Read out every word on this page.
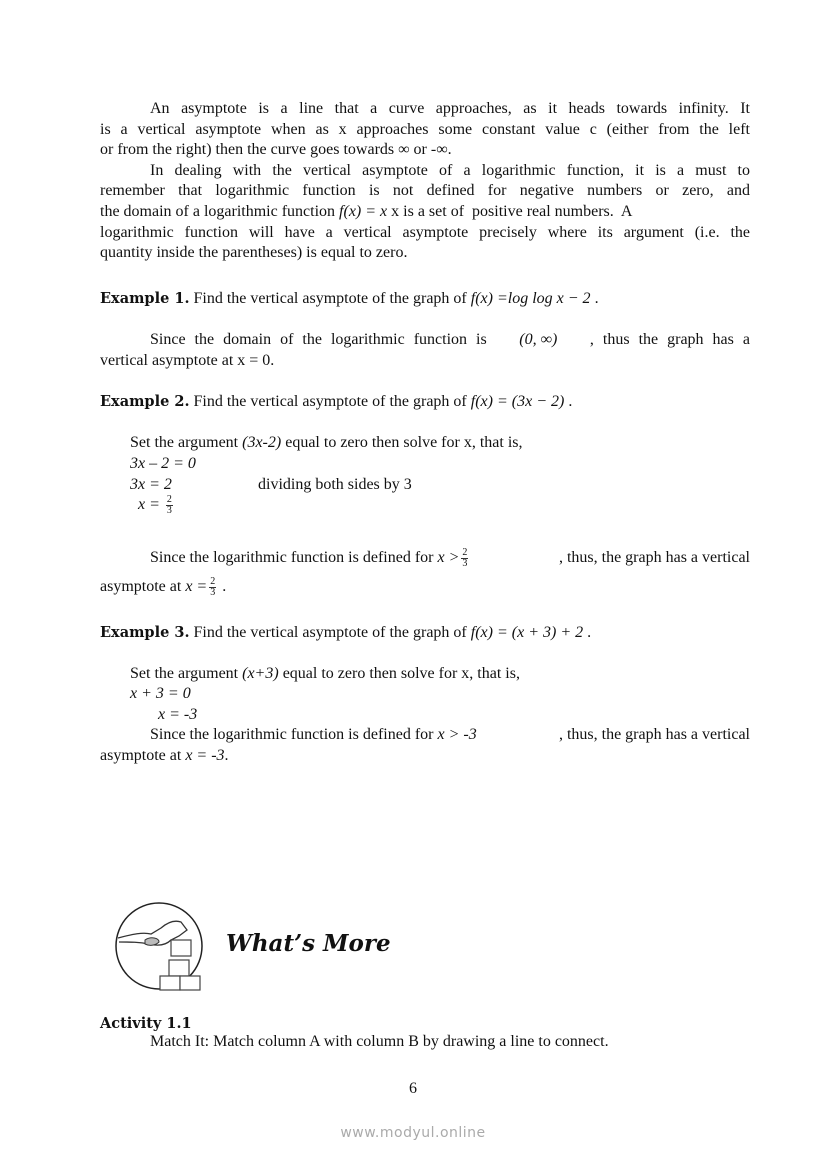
An asymptote is a line that a curve approaches, as it heads towards infinity. It
is a vertical asymptote when as x approaches some constant value c (either from the left
or from the right) then the curve goes towards ∞ or -∞.
In dealing with the vertical asymptote of a logarithmic function, it is a must to
remember that logarithmic function is not defined for negative numbers or zero, and
the domain of a logarithmic function f(x) = x x is a set of  positive real numbers.  A
logarithmic function will have a vertical asymptote precisely where its argument (i.e. the
quantity inside the parentheses) is equal to zero.
Example 1. Find the vertical asymptote of the graph of f(x) =log log x − 2 .
Since the domain of the logarithmic function is (0, ∞) , thus the graph has a
vertical asymptote at x = 0.
Example 2. Find the vertical asymptote of the graph of f(x) = (3x − 2) .
Set the argument (3x-2) equal to zero then solve for x, that is,
3x – 2 = 0
3x = 2	dividing both sides by 3
$x = \frac{2}{3}$
Since the logarithmic function is defined for $x > \frac{2}{3}$	, thus, the graph has a vertical
asymptote at $x = \frac{2}{3}$ .
Example 3. Find the vertical asymptote of the graph of f(x) = (x + 3) + 2 .
Set the argument (x+3) equal to zero then solve for x, that is,
x + 3 = 0
x = -3
Since the logarithmic function is defined for x > -3	, thus, the graph has a vertical
asymptote at x = -3.
What’s More
Activity 1.1
Match It: Match column A with column B by drawing a line to connect.
6
www.modyul.online
